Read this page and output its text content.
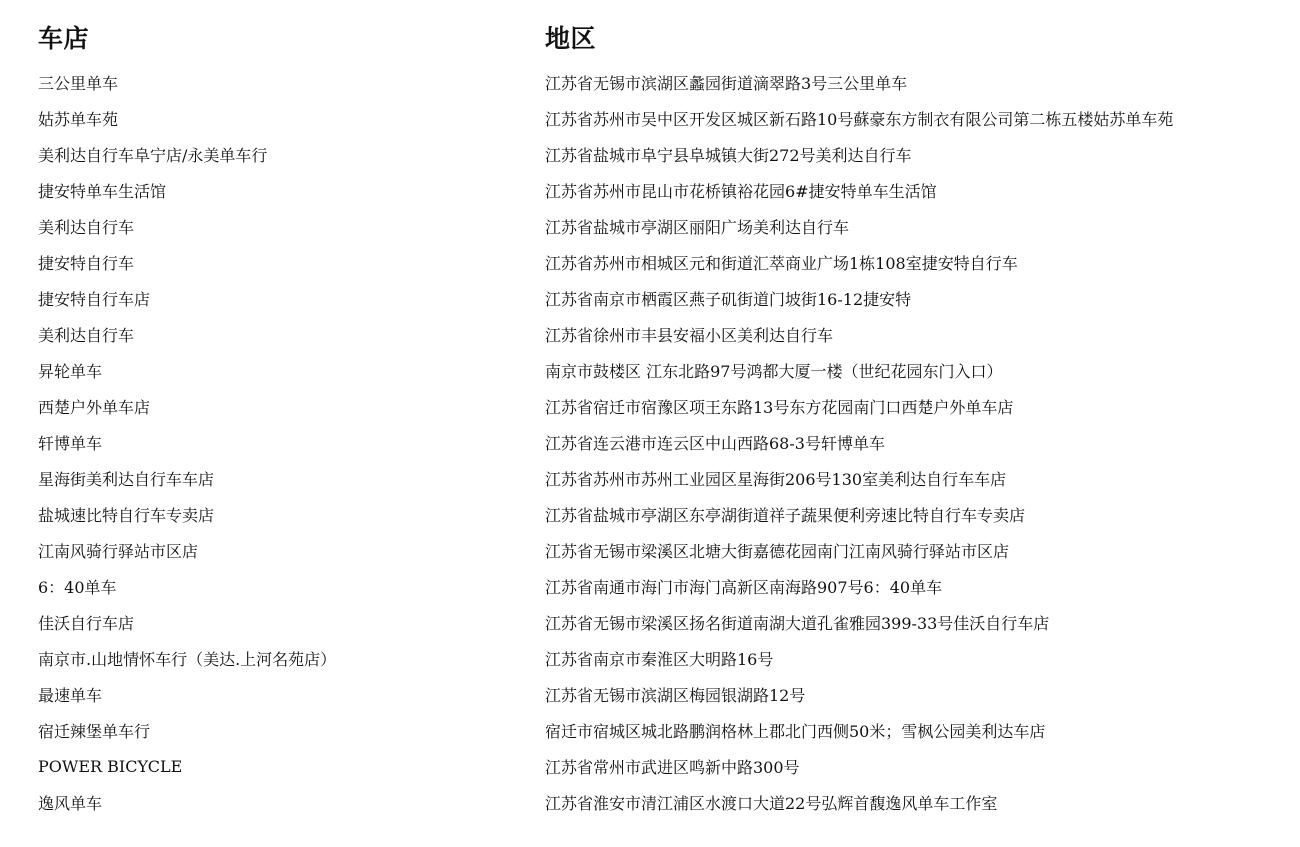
车店	地区
三公里单车	江苏省无锡市滨湖区蠡园街道滴翠路3号三公里单车
姑苏单车苑	江苏省苏州市吴中区开发区城区新石路10号蘇豪东方制衣有限公司第二栋五楼姑苏单车苑
美利达自行车阜宁店/永美单车行	江苏省盐城市阜宁县阜城镇大街272号美利达自行车
捷安特单车生活馆	江苏省苏州市昆山市花桥镇裕花园6#捷安特单车生活馆
美利达自行车	江苏省盐城市亭湖区丽阳广场美利达自行车
捷安特自行车	江苏省苏州市相城区元和街道汇萃商业广场1栋108室捷安特自行车
捷安特自行车店	江苏省南京市栖霞区燕子矶街道门坡街16-12捷安特
美利达自行车	江苏省徐州市丰县安福小区美利达自行车
昇轮单车	南京市鼓楼区 江东北路97号鸿都大厦一楼（世纪花园东门入口）
西楚户外单车店	江苏省宿迁市宿豫区项王东路13号东方花园南门口西楚户外单车店
轩博单车	江苏省连云港市连云区中山西路68-3号轩博单车
星海街美利达自行车车店	江苏省苏州市苏州工业园区星海街206号130室美利达自行车车店
盐城速比特自行车专卖店	江苏省盐城市亭湖区东亭湖街道祥子蔬果便利旁速比特自行车专卖店
江南风骑行驿站市区店	江苏省无锡市梁溪区北塘大街嘉德花园南门江南风骑行驿站市区店
6：40单车	江苏省南通市海门市海门高新区南海路907号6：40单车
佳沃自行车店	江苏省无锡市梁溪区扬名街道南湖大道孔雀雅园399-33号佳沃自行车店
南京市.山地情怀车行（美达.上河名苑店）	江苏省南京市秦淮区大明路16号
最速单车	江苏省无锡市滨湖区梅园银湖路12号
宿迁辣堡单车行	宿迁市宿城区城北路鹏润格林上郡北门西侧50米；雪枫公园美利达车店
POWER BICYCLE	江苏省常州市武进区鸣新中路300号
逸风单车	江苏省淮安市清江浦区水渡口大道22号弘辉首馥逸风单车工作室
